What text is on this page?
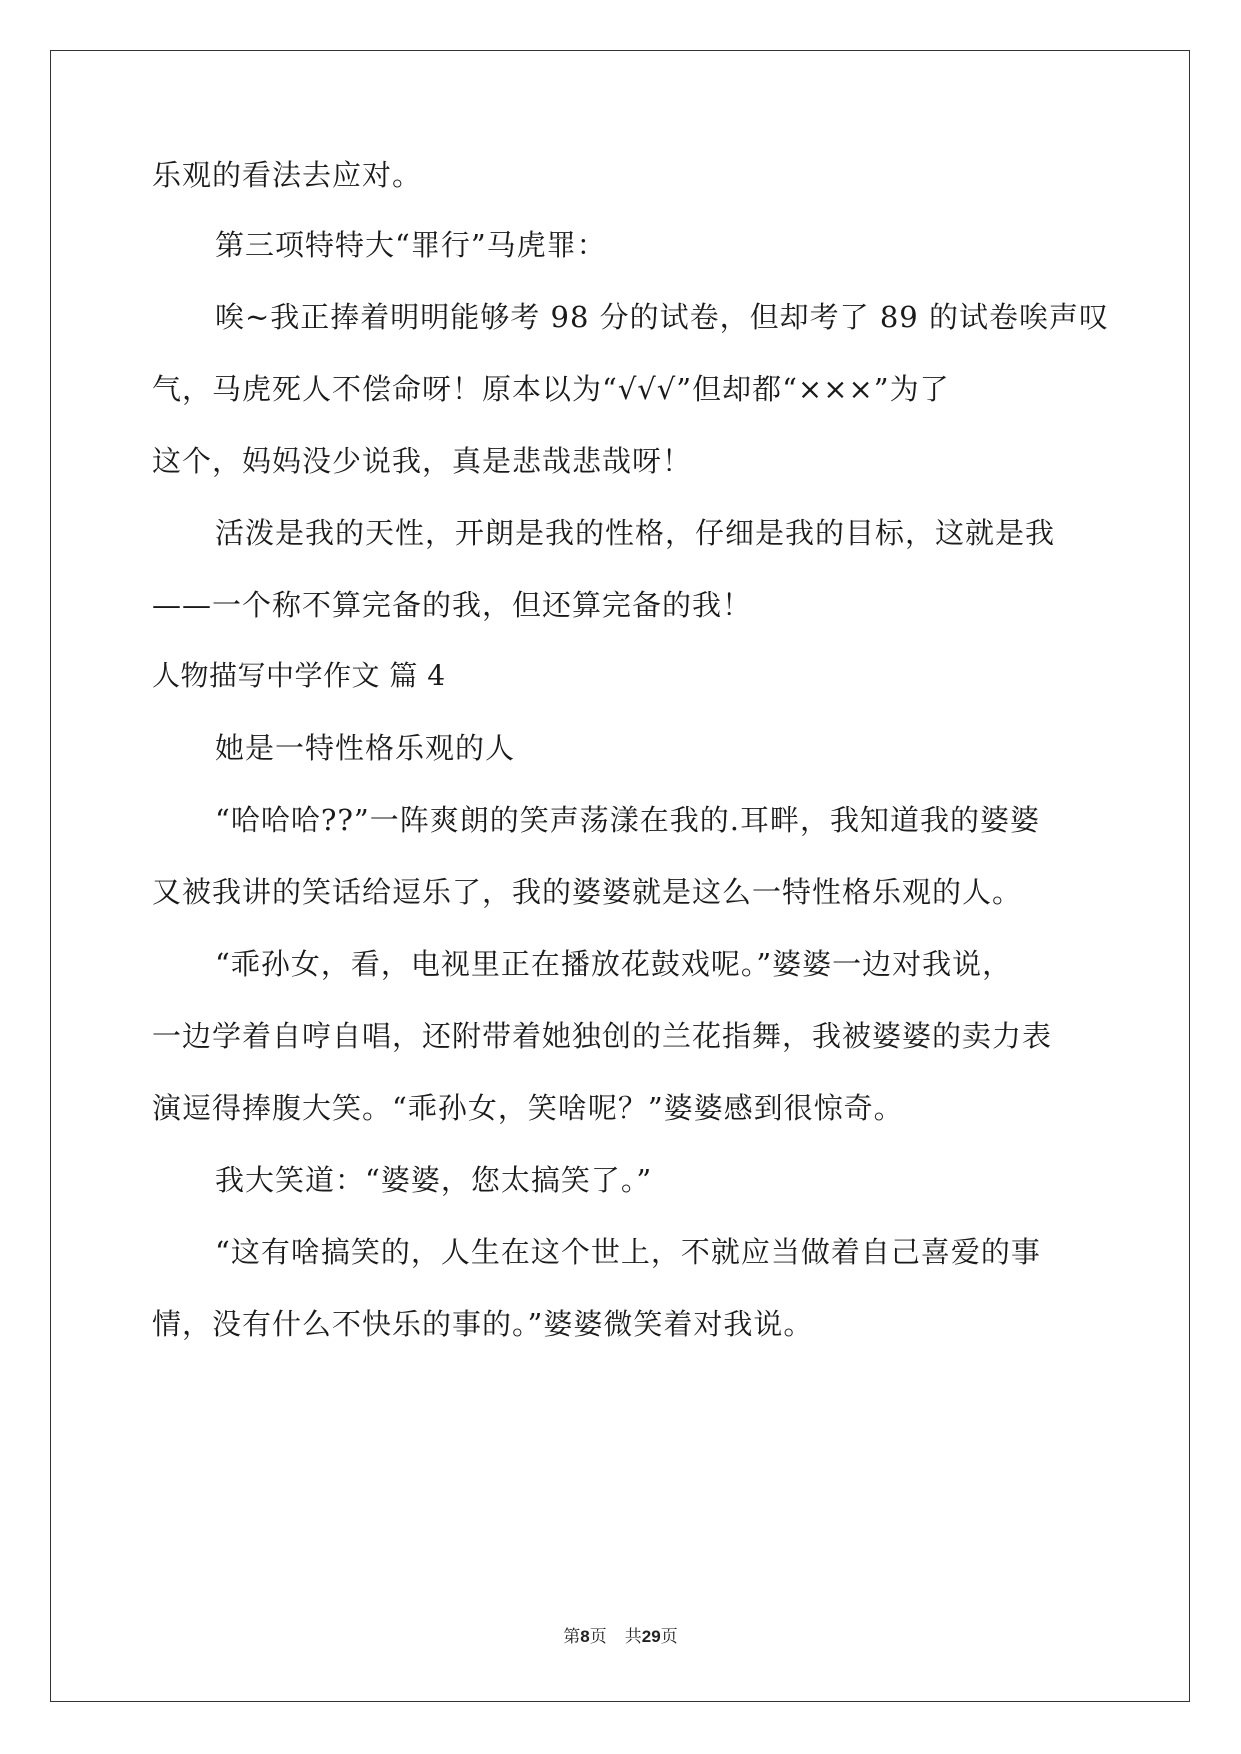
乐观的看法去应对。
第三项特特大“罪行”马虎罪：
唉~我正捧着明明能够考 98 分的试卷，但却考了 89 的试卷唉声叹
气，马虎死人不偿命呀！原本以为“√√√”但却都“×××”为了
这个，妈妈没少说我，真是悲哉悲哉呀！
活泼是我的天性，开朗是我的性格，仔细是我的目标，这就是我
——一个称不算完备的我，但还算完备的我！
人物描写中学作文 篇 4
她是一特性格乐观的人
“哈哈哈??”一阵爽朗的笑声荡漾在我的.耳畔，我知道我的婆婆
又被我讲的笑话给逗乐了，我的婆婆就是这么一特性格乐观的人。
“乖孙女，看，电视里正在播放花鼓戏呢。”婆婆一边对我说，
一边学着自哼自唱，还附带着她独创的兰花指舞，我被婆婆的卖力表
演逗得捧腹大笑。“乖孙女，笑啥呢？”婆婆感到很惊奇。
我大笑道：“婆婆，您太搞笑了。”
“这有啥搞笑的，人生在这个世上，不就应当做着自己喜爱的事
情，没有什么不快乐的事的。”婆婆微笑着对我说。
第8页 共29页
